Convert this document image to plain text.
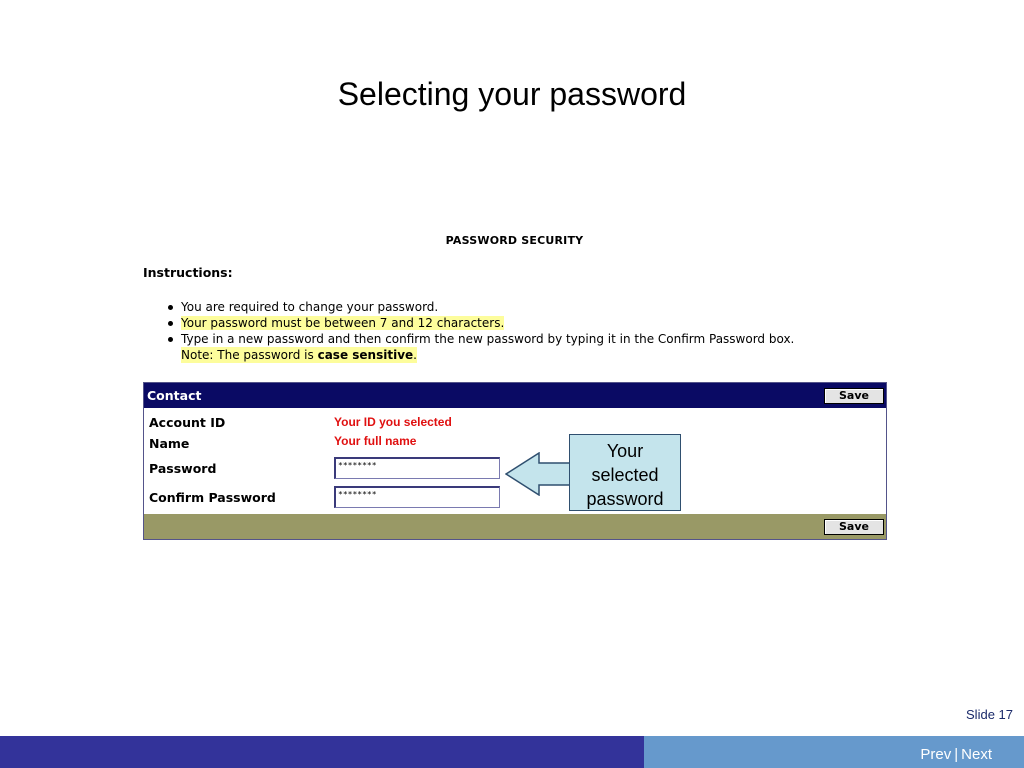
Selecting your password
PASSWORD SECURITY
Instructions:
You are required to change your password.
Your password must be between 7 and 12 characters.
Type in a new password and then confirm the new password by typing it in the Confirm Password box.
Note: The password is case sensitive.
Contact	Save
Account ID	Your ID you selected
Name	Your full name
Password	********
Confirm Password	********
Save
Your
selected
password
Slide 17
Prev | Next
